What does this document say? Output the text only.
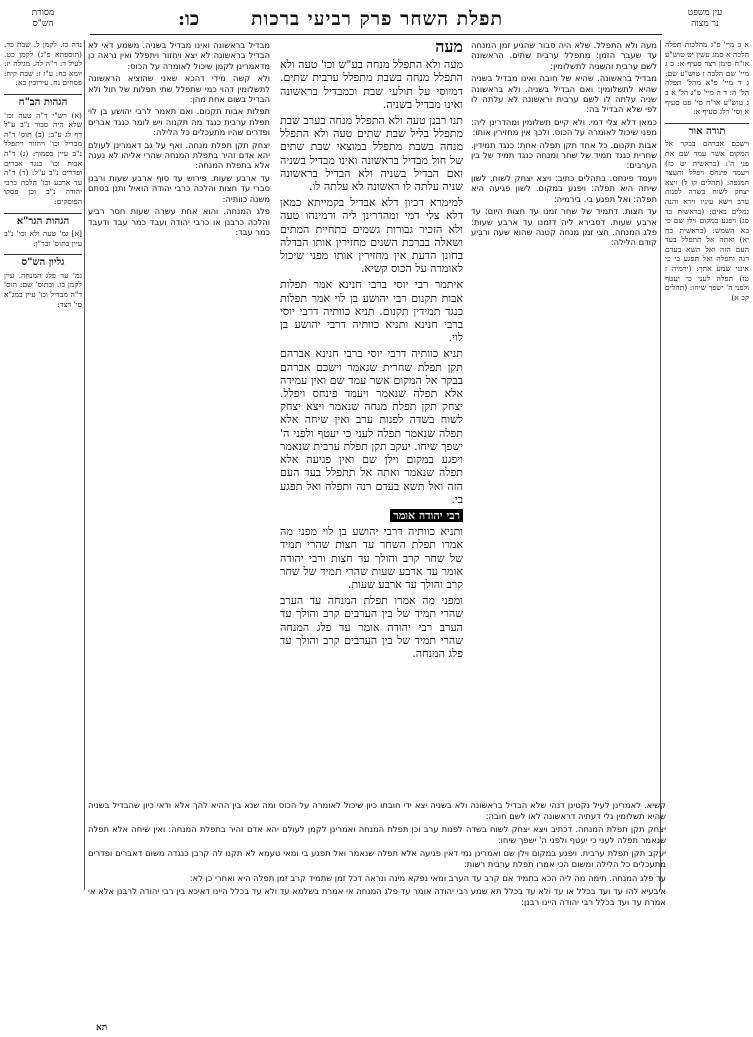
עין משפט
נר מצוה
תפלת השחר פרק רביעי ברכות
כו:
מסורת
הש"ס

א ב מיי' פ"ג מהלכות תפלה הלכה א סמג עשין יט טוש"ע או"ח סימן רצד סעיף א: ב ג מיי' שם הלכה ז טוש"ע שם: ג ד מיי' פ"א מהל' תפלה הל' ה: ד ה מיי' פ"ג הל' א ב ג טוש"ע או"ח סי' פט סעיף א וסי' רלג סעיף א:

תורה אור

וישכם אברהם בבקר אל המקום אשר עמד שם את פני ה': (בראשית יט כז) ויעמד פינחס ויפלל ותעצר המגפה: (תהלים קו ל) ויצא יצחק לשוח בשדה לפנות ערב וישא עיניו וירא והנה גמלים באים: (בראשית כד סג) ויפגע במקום וילן שם כי בא השמש: (בראשית כח יא) ואתה אל תתפלל בעד העם הזה ואל תשא בעדם רנה ותפלה ואל תפגע בי כי אינני שמע אתך: (ירמיה ז טז) תפלה לעני כי יעטף ולפני ה' ישפך שיחו: (תהלים קב א)

מעה ולא התפלל. שלא היה סבור שהגיע זמן המנחה עד שעבר הזמן: מתפלל ערבית שתים. הראשונה לשם ערבית והשניה לתשלומין:

מבדיל בראשונה. שהיא של חובה ואינו מבדיל בשניה שהיא לתשלומין: ואם הבדיל בשניה. ולא בראשונה שניה עלתה לו לשם ערבית וראשונה לא עלתה לו לפי שלא הבדיל בה:

כמאן דלא צלי דמי. ולא קיים תשלומין ומהדרינן ליה: מפני שיכול לאומרה על הכוס. ולכך אין מחזירין אותו:

אבות תקנום. כל אחד תקן תפלה אחת: כנגד תמידין. שחרית כנגד תמיד של שחר ומנחה כנגד תמיד של בין הערבים:

ויעמד פינחס. בתהלים כתיב: ויצא יצחק לשוח. לשון שיחה היא תפלה: ויפגע במקום. לשון פגיעה היא תפלה: ואל תפגע בי. בירמיה:

עד חצות. דתמיד של שחר זמנו עד חצות היום: עד ארבע שעות. דסבירא ליה דזמנו עד ארבע שעות: פלג המנחה. חצי זמן מנחה קטנה שהוא שעה ורביע קודם הלילה:

מעה

מעה ולא התפלל מנחה בע"ש וכו' טעה ולא התפלל מנחה בשבת מתפלל ערבית שתים. דמיוסי על תולעי שבת וכמבדיל בראשונה ואינו מבדיל בשניה.

תנו רבנן טעה ולא התפלל מנחה בערב שבת מתפלל בליל שבת שתים טעה ולא התפלל מנחה בשבת מתפלל במוצאי שבת שתים של חול מבדיל בראשונה ואינו מבדיל בשניה ואם הבדיל בשניה ולא הבדיל בראשונה שניה עלתה לו ראשונה לא עלתה לו.

למימרא דכיון דלא אבדיל בקמייתא כמאן דלא צלי דמי ומהדרינן ליה ורמינהו טעה ולא הזכיר גבורות גשמים בתחיית המתים ושאלה בברכת השנים מחזירין אותו הבדלה בחונן הדעת אין מחזירין אותו מפני שיכול לאומרה על הכוס קשיא.

איתמר רבי יוסי ברבי חנינא אמר תפלות אבות תקנום רבי יהושע בן לוי אמר תפלות כנגד תמידין תקנום. תניא כוותיה דרבי יוסי ברבי חנינא ותניא כוותיה דרבי יהושע בן לוי.

תניא כוותיה דרבי יוסי ברבי חנינא אברהם תקן תפלת שחרית שנאמר וישכם אברהם בבקר אל המקום אשר עמד שם ואין עמידה אלא תפלה שנאמר ויעמד פינחס ויפלל. יצחק תקן תפלת מנחה שנאמר ויצא יצחק לשוח בשדה לפנות ערב ואין שיחה אלא תפלה שנאמר תפלה לעני כי יעטף ולפני ה' ישפך שיחו. יעקב תקן תפלת ערבית שנאמר ויפגע במקום וילן שם ואין פגיעה אלא תפלה שנאמר ואתה אל תתפלל בעד העם הזה ואל תשא בעדם רנה ותפלה ואל תפגע בי.

רבי יהודה אומר

ותניא כוותיה דרבי יהושע בן לוי מפני מה אמרו תפלת השחר עד חצות שהרי תמיד של שחר קרב והולך עד חצות ורבי יהודה אומר עד ארבע שעות שהרי תמיד של שחר קרב והולך עד ארבע שעות.

ומפני מה אמרו תפלת המנחה עד הערב שהרי תמיד של בין הערבים קרב והולך עד הערב רבי יהודה אומר עד פלג המנחה שהרי תמיד של בין הערבים קרב והולך עד פלג המנחה.

מבדיל בראשונה ואינו מבדיל בשניה. משמע דאי לא הבדיל בראשונה לא יצא ויחזור ויתפלל ואין נראה כן מדאמרינן לקמן שיכול לאומרה על הכוס:

ולא קשה מידי דהכא שאני שהוציא הראשונה לתשלומין דהוי כמי שתפלל שתי תפלות של חול ולא הבדיל בשום אחת מהן:

תפלות אבות תקנום. ואם תאמר לרבי יהושע בן לוי תפלת ערבית כנגד מה תקנוה ויש לומר כנגד אברים ופדרים שהיו מתעכלים כל הלילה:

יצחק תקן תפלת מנחה. ואף על גב דאמרינן לעולם יהא אדם זהיר בתפלת המנחה שהרי אליהו לא נענה אלא בתפלת המנחה:

עד ארבע שעות. פירוש עד סוף ארבע שעות ורבנן סברי עד חצות והלכה כרבי יהודה הואיל ותנן בסתם משנה כוותיה:

פלג המנחה. והוא אחת עשרה שעות חסר רביע והלכה כרבנן או כרבי יהודה ועבד כמר עבד ודעבד כמר עבד:

נדה כז. לקמן ל. שבת כד. (תוספתא פ"ג) לקמן כט. לעיל ד: ר"ה לה. מגילה יז: יומא כח: ע"ז ז: שבת קיח: פסחים נח. עירובין כא:

הגהות הב"ח

(א) רש"י ד"ה טעה וכו' שלא היה סבור נ"ב ע"ל דף לג ע"ב: (ב) תוס' ד"ה מבדיל וכו' ויחזור ויתפלל נ"ב עיין בסמוך: (ג) ד"ה אבות וכו' כנגד אברים ופדרים נ"ב ע"ל: (ד) ד"ה עד ארבע וכו' הלכה כרבי יהודה נ"ב וכן פסקו הפוסקים:

הגהות הגר"א

[א] גמ' טעה ולא וכו' נ"ב עיין בתוס' ובר"ן:

גליון הש"ס

גמ' עד פלג המנחה. עיין לקמן כז. ובתוס' שם: תוס' ד"ה מבדיל וכו' עיין במג"א סי' רצד:

קשיא. לאמרינן לעיל נקטינן דנהי שלא הבדיל בראשונה ולא בשניה יצא ידי חובתו כיון שיכול לאומרה על הכוס ומה שנא בין ההיא להך אלא ודאי כיון שהבדיל בשניה שהיא תשלומין גלי דעתיה דראשונה לאו לשם חובה:

יצחק תקן תפלת המנחה. דכתיב ויצא יצחק לשוח בשדה לפנות ערב וכן תפלת המנחה ואמרינן לקמן לעולם יהא אדם זהיר בתפלת המנחה: ואין שיחה אלא תפלה שנאמר תפלה לעני כי יעטף ולפני ה' ישפך שיחו:

יעקב תקן תפלת ערבית. ויפגע במקום וילן שם ואמרינן נמי דאין פגיעה אלא תפלה שנאמר ואל תפגע בי ומאי טעמא לא תקנו לה קרבן כנגדה משום דאברים ופדרים מתעכלים כל הלילה ומשום הכי אמרו תפלת ערבית רשות:

עד פלג המנחה. תימה מה ליה הכא בתמיד אם קרב עד הערב ומאי נפקא מינה ונראה דכל זמן שתמיד קרב זמן תפלה היא ואחרי כן לא:

איבעיא להו עד ועד בכלל או עד ולא עד בכלל תא שמע רבי יהודה אומר עד פלג המנחה אי אמרת בשלמא עד ולא עד בכלל היינו דאיכא בין רבי יהודה לרבנן אלא אי אמרת עד ועד בכלל רבי יהודה היינו רבנן:

תא
